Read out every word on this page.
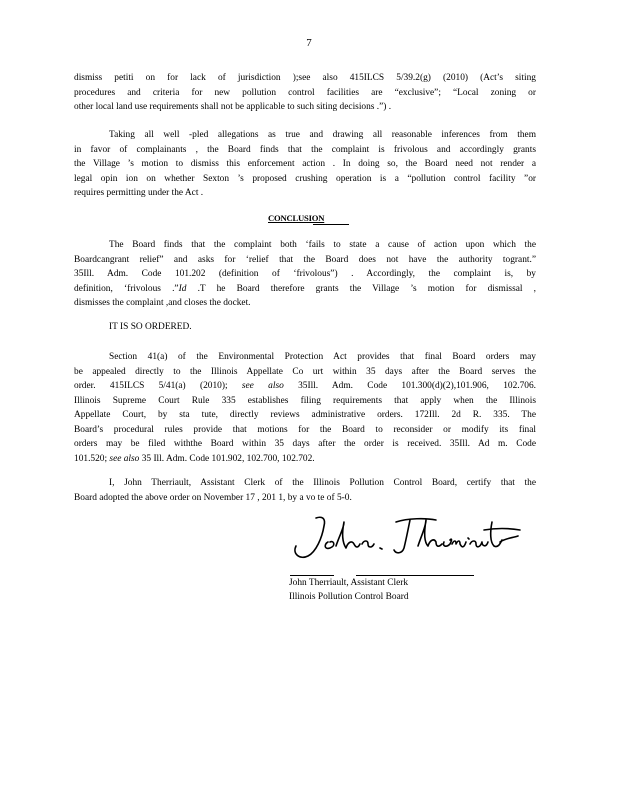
7
dismiss petiti on for lack of jurisdiction );see also 415ILCS 5/39.2(g) (2010) (Act’s siting
procedures and criteria for new pollution control facilities are “exclusive”; “Local zoning or
other local land use requirements shall not be applicable to such siting decisions .”) .
Taking all well -pled allegations as true and drawing all reasonable inferences from them
in favor of complainants , the Board finds that the complaint is frivolous and accordingly grants
the Village ’s motion to dismiss this enforcement action . In doing so, the Board need not render a
legal opin ion on whether Sexton ’s proposed crushing operation is a “pollution control facility ”or
requires permitting under the Act .
CONCLUSION
The Board finds that the complaint both ‘fails to state a cause of action upon which the
Boardcangrant relief” and asks for ‘relief that the Board does not have the authority togrant.”
35Ill. Adm. Code 101.202 (definition of ‘frivolous”) . Accordingly, the complaint is, by
definition, ‘frivolous .”Id .T he Board therefore grants the Village ’s motion for dismissal ,
dismisses the complaint ,and closes the docket.
IT IS SO ORDERED.
Section 41(a) of the Environmental Protection Act provides that final Board orders may
be appealed directly to the Illinois Appellate Co urt within 35 days after the Board serves the
order. 415ILCS 5/41(a) (2010); see also 35Ill. Adm. Code 101.300(d)(2),101.906, 102.706.
Illinois Supreme Court Rule 335 establishes filing requirements that apply when the Illinois
Appellate Court, by sta tute, directly reviews administrative orders. 172Ill. 2d R. 335. The
Board’s procedural rules provide that motions for the Board to reconsider or modify its final
orders may be filed withthe Board within 35 days after the order is received. 35Ill. Ad m. Code
101.520; see also 35 Ill. Adm. Code 101.902, 102.700, 102.702.
I, John Therriault, Assistant Clerk of the Illinois Pollution Control Board, certify that the
Board adopted the above order on November 17 , 201 1, by a vo te of 5-0.
John Therriault, Assistant Clerk
Illinois Pollution Control Board
